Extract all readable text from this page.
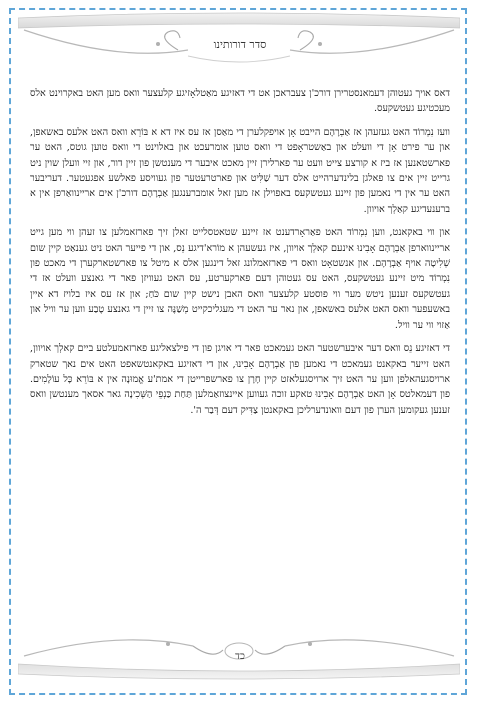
סדר דורותינו

דאס אויך געטוהן דעמאנסטרירן דורכ'ן צעבראכן אט די דאזיגע מאַטלאָזיגע קלעצער וואס מען האט באקרוינט אלס מעכטיגע געטשקעס.

וועז נִמְרוֹד האט געזעהן אז אַבְרָהָם הייבט אָן אויפקלערן די מאַסן אז עס איז דא א בּוֹרֵא וואס האט אלעס באשאפן, און ער פירט אָן די וועלט און באַשטראָפט די וואס טוען אומרעכט און באלוינט די וואס טוען גוטס, האט ער פארשטאנען אז ביז א קורצע צייט וועט ער פארלירן זיין מאכט איבער די מענטשן פון זיין דור, און זיי וועלן שוין ניט גרייט זיין אים צו פאלגן בלינדערהייט אלס דער שַׁלִּיט און פארטרעטער פון געוויסע פאלשע אפגעטער. דעריבער האט ער אין די נאמען פון זיינע געטשקעס באפוילן אז מען זאל אומברענגען אַבְרָהָם דורכ'ן אים אריינוואַרפן אין א ברענעדיגע קאַלְך אויוון.

און ווי באקאנט, ווען נִמְרוֹד האט פאַראָרדענט אז זיינע שטאטסלייט זאלן זיך פארזאמלען צו זעהן ווי מען גייט אריינווארפן אַבְרָהָם אָבִינוּ אינעם קאלְך אויוון, איז געשעהן א מוֹרא'דיגע נֵס, און די פייער האט ניט גענאַט קיין שום שְׁלִיטָה אויף אַבְרָהָם. און אנשטאָט וואס די פארזאמלונג זאל דינגען אלס א מיטל צו פארשטארקערן די מאכט פון נִמְרוֹד מיט זיינע געטשקעס, האט עס געטוהן דעם פארקערטע, עס האט געוויזן פאר די גאנצע וועלט אז די געטשקעס זענען ניטש מער ווי פוסטע קלעצער וואס האבן נישט קיין שום כֹּחַ; און אז עס איז בלויז דא איין באשעפער וואס האט אלעס באשאפן, און נאר ער האט די מעגליכקייט מְשַׁנֶּה צו זיין די גאנצע טֶבַע ווען ער וויל און אַזוי ווי ער וויל.

די דאזיגע נֵס וואס דער איבערשטער האט געמאכט פאר די אויגן פון די פילצאליגע פארזאמעלטע ביים קאלְך אויוון, האט זייער באקאנט געמאכט די נאמען פון אַבְרָהָם אָבִינוּ, און די דאזיגע באקאנטשאפט האט אים נאך שטארק ארויסגעהאלפן ווען ער האט זיך ארויסגעלאזט קיין חָרָן צו פארשפרייטן די אמת'ע אֱמוּנָה אין א בּוֹרֵא כָּל עוֹלָמִים. פון דעמאלטס אָן האט אַבְרָהָם אָבִינוּ טאקע זוכה געווען איינצוזאַמלען תַּחַת כַּנְפֵי הַשְּׁכִינָה גאר אסאך מענטשן וואס זענען געקומען הערן פון דעם וואונדערליכן באקאנטן צַדִּיק דעם דְּבַר ה'.

כד
